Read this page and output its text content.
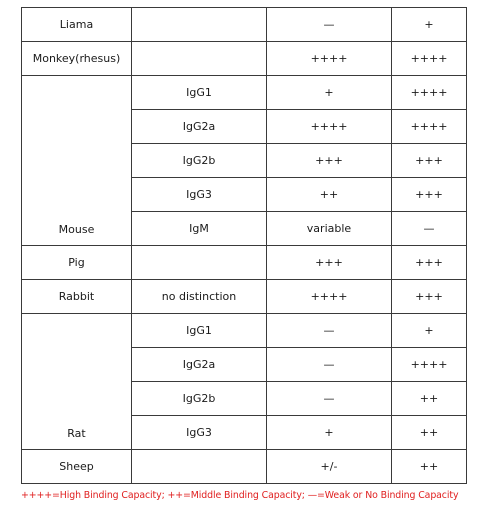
Liama		—	+
Monkey(rhesus)		++++	++++
Mouse	IgG1	+	++++
	IgG2a	++++	++++
	IgG2b	+++	+++
	IgG3	++	+++
	IgM	variable	—
Pig		+++	+++
Rabbit	no distinction	++++	+++
Rat	IgG1	—	+
	IgG2a	—	++++
	IgG2b	—	++
	IgG3	+	++
Sheep		+/-	++
++++=High Binding Capacity; ++=Middle Binding Capacity; —=Weak or No Binding Capacity
